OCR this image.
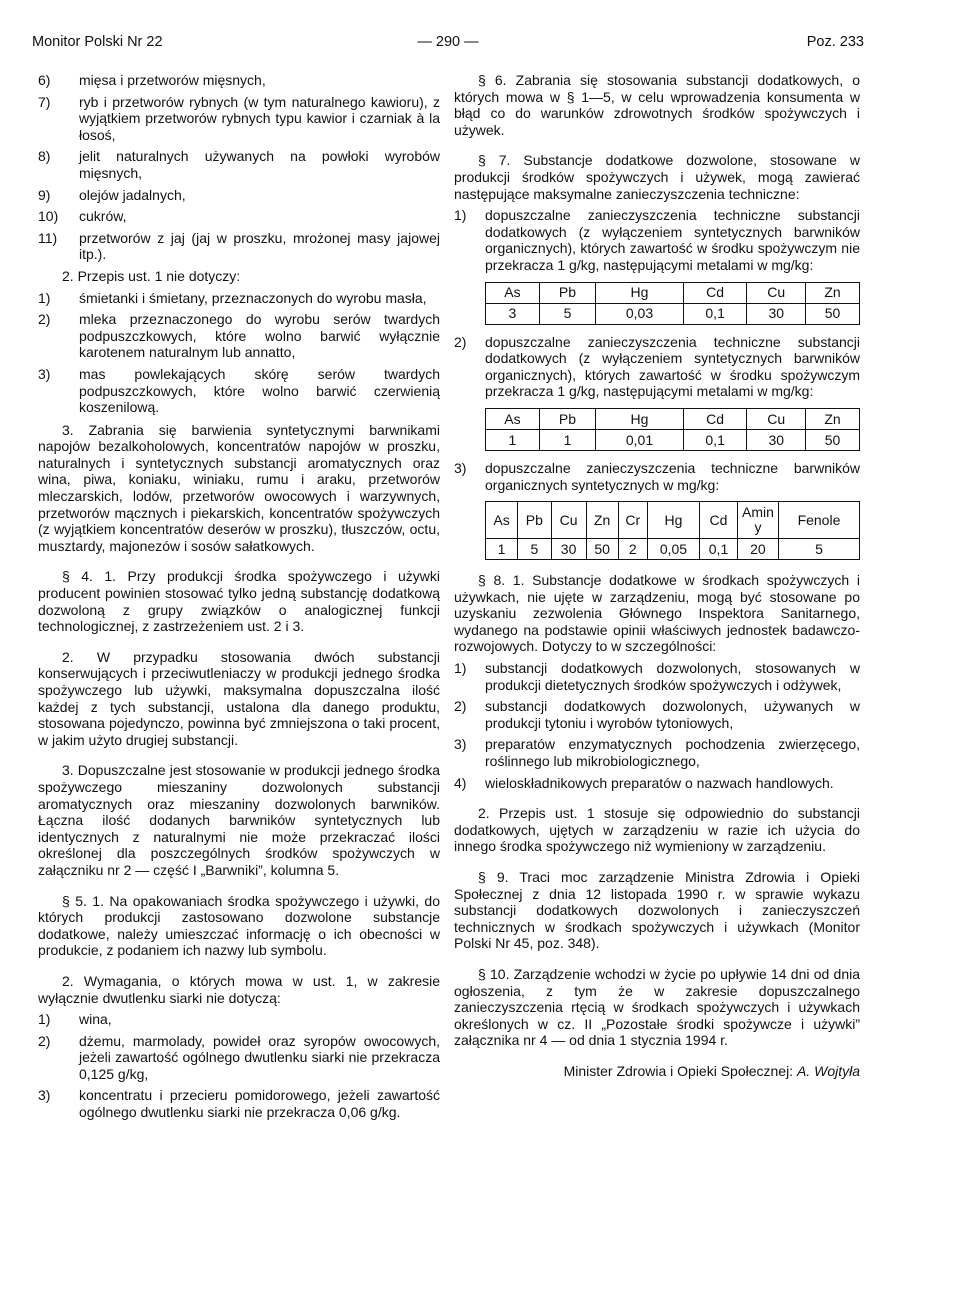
Monitor Polski Nr 22	— 290 —	Poz. 233

6) mięsa i przetworów mięsnych,

7) ryb i przetworów rybnych (w tym naturalnego kawioru), z wyjątkiem przetworów rybnych typu kawior i czarniak à la łosoś,

8) jelit naturalnych używanych na powłoki wyrobów mięsnych,

9) olejów jadalnych,

10) cukrów,

11) przetworów z jaj (jaj w proszku, mrożonej masy jajowej itp.).

2. Przepis ust. 1 nie dotyczy:

1) śmietanki i śmietany, przeznaczonych do wyrobu masła,

2) mleka przeznaczonego do wyrobu serów twardych podpuszczkowych, które wolno barwić wyłącznie karotenem naturalnym lub annatto,

3) mas powlekających skórę serów twardych podpuszczkowych, które wolno barwić czerwienią koszenilową.

3. Zabrania się barwienia syntetycznymi barwnikami napojów bezalkoholowych, koncentratów napojów w proszku, naturalnych i syntetycznych substancji aromatycznych oraz wina, piwa, koniaku, winiaku, rumu i araku, przetworów mleczarskich, lodów, przetworów owocowych i warzywnych, przetworów mącznych i piekarskich, koncentratów spożywczych (z wyjątkiem koncentratów deserów w proszku), tłuszczów, octu, musztardy, majonezów i sosów sałatkowych.

§ 4. 1. Przy produkcji środka spożywczego i używki producent powinien stosować tylko jedną substancję dodatkową dozwoloną z grupy związków o analogicznej funkcji technologicznej, z zastrzeżeniem ust. 2 i 3.

2. W przypadku stosowania dwóch substancji konserwujących i przeciwutleniaczy w produkcji jednego środka spożywczego lub używki, maksymalna dopuszczalna ilość każdej z tych substancji, ustalona dla danego produktu, stosowana pojedynczo, powinna być zmniejszona o taki procent, w jakim użyto drugiej substancji.

3. Dopuszczalne jest stosowanie w produkcji jednego środka spożywczego mieszaniny dozwolonych substancji aromatycznych oraz mieszaniny dozwolonych barwników. Łączna ilość dodanych barwników syntetycznych lub identycznych z naturalnymi nie może przekraczać ilości określonej dla poszczególnych środków spożywczych w załączniku nr 2 — część I „Barwniki”, kolumna 5.

§ 5. 1. Na opakowaniach środka spożywczego i używki, do których produkcji zastosowano dozwolone substancje dodatkowe, należy umieszczać informację o ich obecności w produkcie, z podaniem ich nazwy lub symbolu.

2. Wymagania, o których mowa w ust. 1, w zakresie wyłącznie dwutlenku siarki nie dotyczą:

1) wina,

2) dżemu, marmolady, powideł oraz syropów owocowych, jeżeli zawartość ogólnego dwutlenku siarki nie przekracza 0,125 g/kg,

3) koncentratu i przecieru pomidorowego, jeżeli zawartość ogólnego dwutlenku siarki nie przekracza 0,06 g/kg.

§ 6. Zabrania się stosowania substancji dodatkowych, o których mowa w § 1—5, w celu wprowadzenia konsumenta w błąd co do warunków zdrowotnych środków spożywczych i używek.

§ 7. Substancje dodatkowe dozwolone, stosowane w produkcji środków spożywczych i używek, mogą zawierać następujące maksymalne zanieczyszczenia techniczne:

1) dopuszczalne zanieczyszczenia techniczne substancji dodatkowych (z wyłączeniem syntetycznych barwników organicznych), których zawartość w środku spożywczym nie przekracza 1 g/kg, następującymi metalami w mg/kg:

As	Pb	Hg	Cd	Cu	Zn
3	5	0,03	0,1	30	50

2) dopuszczalne zanieczyszczenia techniczne substancji dodatkowych (z wyłączeniem syntetycznych barwników organicznych), których zawartość w środku spożywczym przekracza 1 g/kg, następującymi metalami w mg/kg:

As	Pb	Hg	Cd	Cu	Zn
1	1	0,01	0,1	30	50

3) dopuszczalne zanieczyszczenia techniczne barwników organicznych syntetycznych w mg/kg:

As	Pb	Cu	Zn	Cr	Hg	Cd	Aminy	Fenole
1	5	30	50	2	0,05	0,1	20	5

§ 8. 1. Substancje dodatkowe w środkach spożywczych i używkach, nie ujęte w zarządzeniu, mogą być stosowane po uzyskaniu zezwolenia Głównego Inspektora Sanitarnego, wydanego na podstawie opinii właściwych jednostek badawczo-rozwojowych. Dotyczy to w szczególności:

1) substancji dodatkowych dozwolonych, stosowanych w produkcji dietetycznych środków spożywczych i odżywek,

2) substancji dodatkowych dozwolonych, używanych w produkcji tytoniu i wyrobów tytoniowych,

3) preparatów enzymatycznych pochodzenia zwierzęcego, roślinnego lub mikrobiologicznego,

4) wieloskładnikowych preparatów o nazwach handlowych.

2. Przepis ust. 1 stosuje się odpowiednio do substancji dodatkowych, ujętych w zarządzeniu w razie ich użycia do innego środka spożywczego niż wymieniony w zarządzeniu.

§ 9. Traci moc zarządzenie Ministra Zdrowia i Opieki Społecznej z dnia 12 listopada 1990 r. w sprawie wykazu substancji dodatkowych dozwolonych i zanieczyszczeń technicznych w środkach spożywczych i używkach (Monitor Polski Nr 45, poz. 348).

§ 10. Zarządzenie wchodzi w życie po upływie 14 dni od dnia ogłoszenia, z tym że w zakresie dopuszczalnego zanieczyszczenia rtęcią w środkach spożywczych i używkach określonych w cz. II „Pozostałe środki spożywcze i używki” załącznika nr 4 — od dnia 1 stycznia 1994 r.

Minister Zdrowia i Opieki Społecznej: A. Wojtyła
